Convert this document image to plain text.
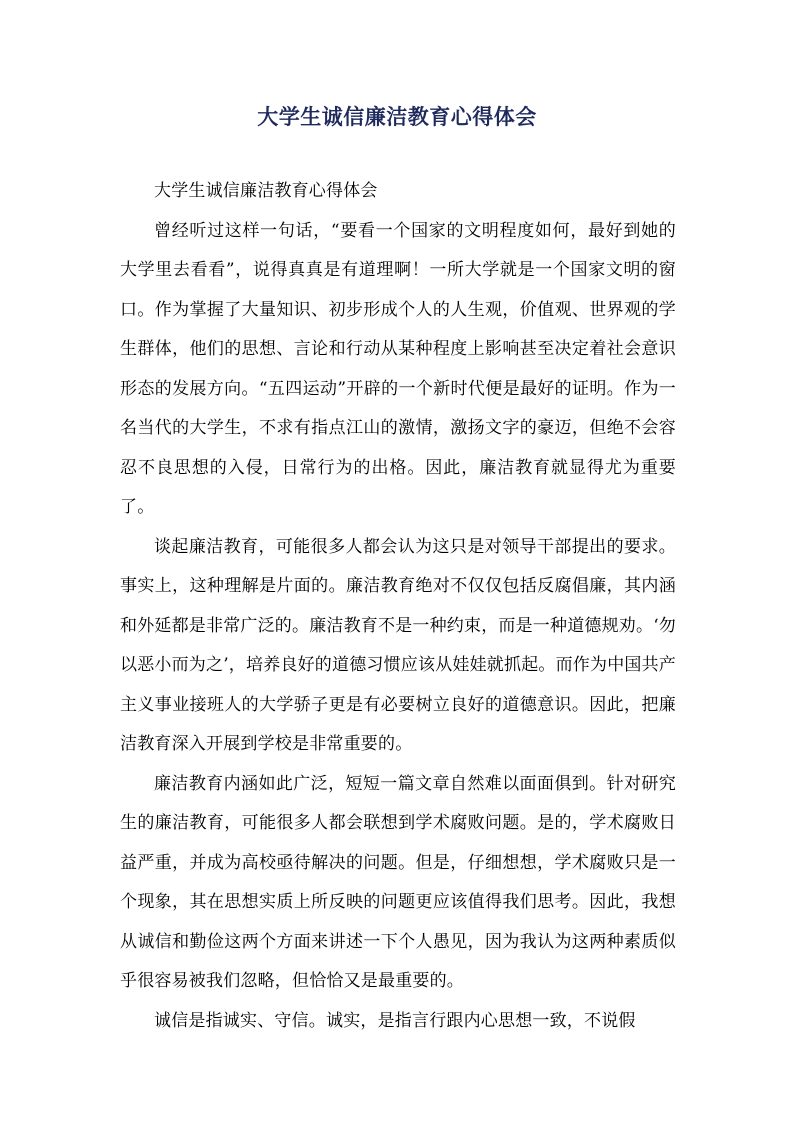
大学生诚信廉洁教育心得体会

大学生诚信廉洁教育心得体会

曾经听过这样一句话，“要看一个国家的文明程度如何，最好到她的大学里去看看”，说得真真是有道理啊！一所大学就是一个国家文明的窗口。作为掌握了大量知识、初步形成个人的人生观，价值观、世界观的学生群体，他们的思想、言论和行动从某种程度上影响甚至决定着社会意识形态的发展方向。“五四运动”开辟的一个新时代便是最好的证明。作为一名当代的大学生，不求有指点江山的激情，激扬文字的豪迈，但绝不会容忍不良思想的入侵，日常行为的出格。因此，廉洁教育就显得尤为重要了。

谈起廉洁教育，可能很多人都会认为这只是对领导干部提出的要求。事实上，这种理解是片面的。廉洁教育绝对不仅仅包括反腐倡廉，其内涵和外延都是非常广泛的。廉洁教育不是一种约束，而是一种道德规劝。‘勿以恶小而为之’，培养良好的道德习惯应该从娃娃就抓起。而作为中国共产主义事业接班人的大学骄子更是有必要树立良好的道德意识。因此，把廉洁教育深入开展到学校是非常重要的。

廉洁教育内涵如此广泛，短短一篇文章自然难以面面俱到。针对研究生的廉洁教育，可能很多人都会联想到学术腐败问题。是的，学术腐败日益严重，并成为高校亟待解决的问题。但是，仔细想想，学术腐败只是一个现象，其在思想实质上所反映的问题更应该值得我们思考。因此，我想从诚信和勤俭这两个方面来讲述一下个人愚见，因为我认为这两种素质似乎很容易被我们忽略，但恰恰又是最重要的。

诚信是指诚实、守信。诚实，是指言行跟内心思想一致，不说假
